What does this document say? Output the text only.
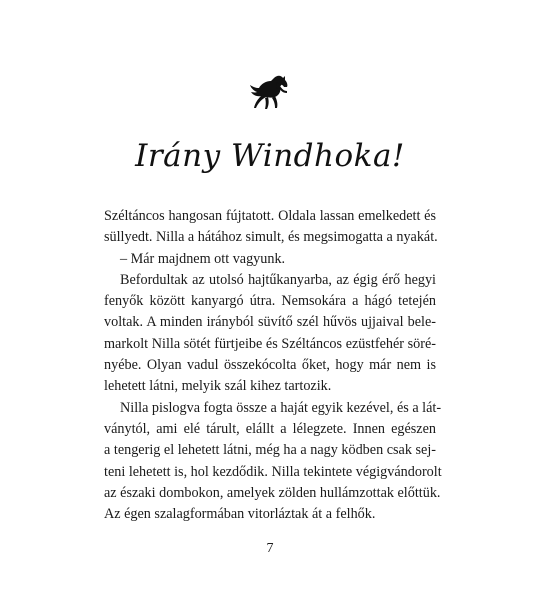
Irány Windhoka!
Széltáncos hangosan fújtatott. Oldala lassan emelkedett és
süllyedt. Nilla a hátához simult, és megsimogatta a nyakát.
– Már majdnem ott vagyunk.
Befordultak az utolsó hajtűkanyarba, az égig érő hegyi
fenyők között kanyargó útra. Nemsokára a hágó tetején
voltak. A minden irányból süvítő szél hűvös ujjaival bele-
markolt Nilla sötét fürtjeibe és Széltáncos ezüstfehér söré-
nyébe. Olyan vadul összekócolta őket, hogy már nem is
lehetett látni, melyik szál kihez tartozik.
Nilla pislogva fogta össze a haját egyik kezével, és a lát-
ványtól, ami elé tárult, elállt a lélegzete. Innen egészen
a tengerig el lehetett látni, még ha a nagy ködben csak sej-
teni lehetett is, hol kezdődik. Nilla tekintete végigvándorolt
az északi dombokon, amelyek zölden hullámzottak előttük.
Az égen szalagformában vitorláztak át a felhők.
7
